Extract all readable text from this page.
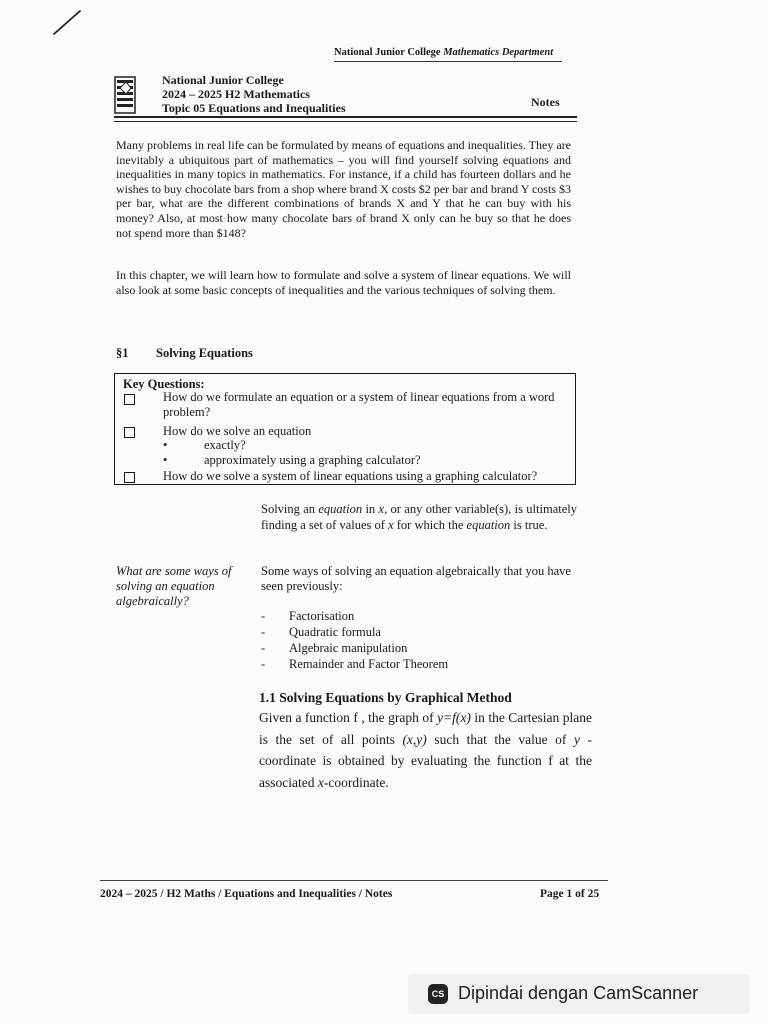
National Junior College Mathematics Department
National Junior College
2024 – 2025 H2 Mathematics
Topic 05 Equations and Inequalities	Notes

Many problems in real life can be formulated by means of equations and inequalities. They are inevitably a ubiquitous part of mathematics – you will find yourself solving equations and inequalities in many topics in mathematics. For instance, if a child has fourteen dollars and he wishes to buy chocolate bars from a shop where brand X costs $2 per bar and brand Y costs $3 per bar, what are the different combinations of brands X and Y that he can buy with his money? Also, at most how many chocolate bars of brand X only can he buy so that he does not spend more than $148?

In this chapter, we will learn how to formulate and solve a system of linear equations. We will also look at some basic concepts of inequalities and the various techniques of solving them.

§1 Solving Equations
Key Questions:
How do we formulate an equation or a system of linear equations from a word problem?
How do we solve an equation
•	exactly?
•	approximately using a graphing calculator?
How do we solve a system of linear equations using a graphing calculator?
Solving an equation in x, or any other variable(s), is ultimately finding a set of values of x for which the equation is true.
What are some ways of solving an equation algebraically?
Some ways of solving an equation algebraically that you have seen previously:
- Factorisation
- Quadratic formula
- Algebraic manipulation
- Remainder and Factor Theorem
1.1 Solving Equations by Graphical Method
Given a function f , the graph of y=f(x) in the Cartesian plane is the set of all points (x,y) such that the value of y -coordinate is obtained by evaluating the function f at the associated x-coordinate.
2024 – 2025 / H2 Maths / Equations and Inequalities / Notes	Page 1 of 25
CS Dipindai dengan CamScanner
